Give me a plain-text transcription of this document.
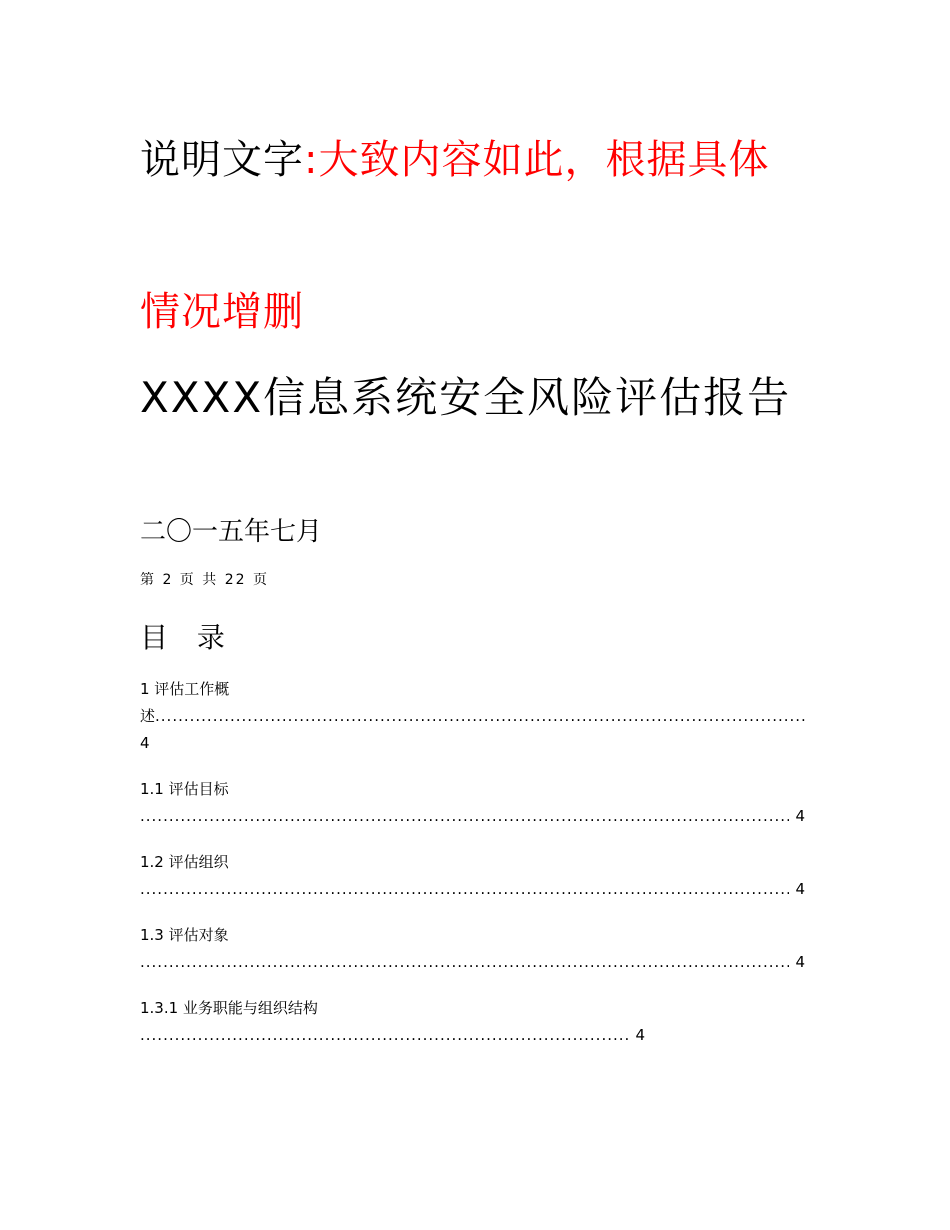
说明文字:大致内容如此，根据具体
情况增删
XXXX信息系统安全风险评估报告
二〇一五年七月
第 2 页 共 22 页
目 录
1 评估工作概
述
.....
4
1.1 评估目标
.....
4
1.2 评估组织
.....
4
1.3 评估对象
.....
4
1.3.1 业务职能与组织结构
.....
4
